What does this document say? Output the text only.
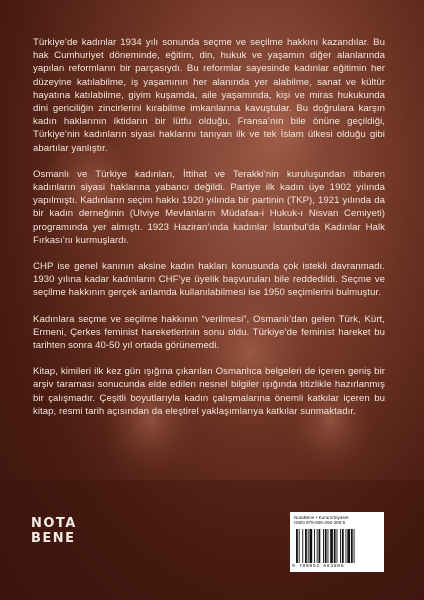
Türkiye’de kadınlar 1934 yılı sonunda seçme ve seçilme hakkını kazandılar. Bu hak Cumhuriyet döneminde, eğitim, din, hukuk ve yaşamın diğer alanlarında yapılan reformların bir parçasıydı. Bu reformlar sayesinde kadınlar eğitimin her düzeyine katılabilme, iş yaşamının her alanında yer alabilme, sanat ve kültür hayatına katılabilme, giyim kuşamda, aile yaşamında, kişi ve miras hukukunda dini gericiliğin zincirlerini kırabilme imkanlarına kavuştular. Bu doğrulara karşın kadın haklarının iktidarın bir lütfu olduğu, Fransa’nın bile önüne geçildiği, Türkiye’nin kadınların siyasi haklarını tanıyan ilk ve tek İslam ülkesi olduğu gibi abartılar yanlıştır.

Osmanlı ve Türkiye kadınları, İttihat ve Terakki’nin kuruluşundan itibaren kadınların siyasi haklarına yabancı değildi. Partiye ilk kadın üye 1902 yılında yapılmıştı. Kadınların seçim hakkı 1920 yılında bir partinin (TKP), 1921 yılında da bir kadın derneğinin (Ulviye Mevlanların Müdafaa-i Hukuk-ı Nisvan Cemiyeti) programında yer almıştı. 1923 Haziran’ında kadınlar İstanbul’da Kadınlar Halk Fırkası’nı kurmuşlardı.

CHP ise genel kanının aksine kadın hakları konusunda çok istekli davranmadı. 1930 yılına kadar kadınların CHF’ye üyelik başvuruları bile reddedildi. Seçme ve seçilme hakkının gerçek anlamda kullanılabilmesi ise 1950 seçimlerini bulmuştur.

Kadınlara seçme ve seçilme hakkının “verilmesi”, Osmanlı’dan gelen Türk, Kürt, Ermeni, Çerkes feminist hareketlerinin sonu oldu. Türkiye’de feminist hareket bu tarihten sonra 40-50 yıl ortada görünemedi.

Kitap, kimileri ilk kez gün ışığına çıkarılan Osmanlıca belgeleri de içeren geniş bir arşiv taraması sonucunda elde edilen nesnel bilgiler ışığında titizlikle hazırlanmış bir çalışmadır. Çeşitli boyutlarıyla kadın çalışmalarına önemli katkılar içeren bu kitap, resmi tarih açısından da eleştirel yaklaşımlarıya katkılar sunmaktadır.

NOTA
BENE
NotaBene • Kuram/Siyaset
ISBN 978-605-266-380-5
9 786052 663805
